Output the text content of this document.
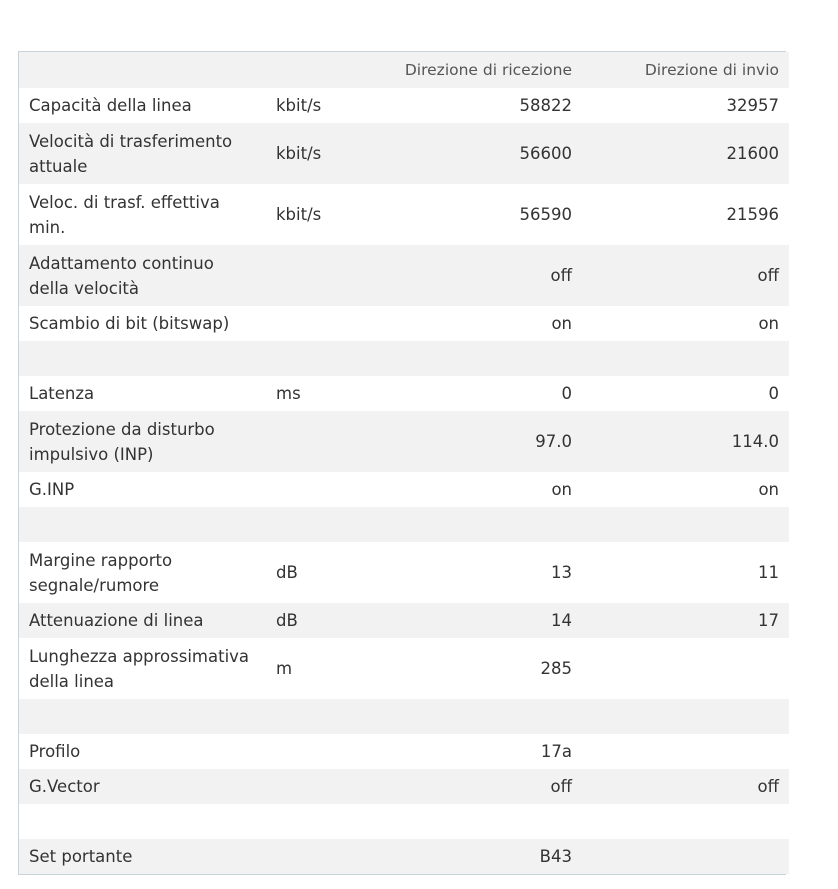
		Direzione di ricezione	Direzione di invio
Capacità della linea	kbit/s	58822	32957
Velocità di trasferimento attuale	kbit/s	56600	21600
Veloc. di trasf. effettiva min.	kbit/s	56590	21596
Adattamento continuo della velocità		off	off
Scambio di bit (bitswap)		on	on

Latenza	ms	0	0
Protezione da disturbo impulsivo (INP)		97.0	114.0
G.INP		on	on

Margine rapporto segnale/rumore	dB	13	11
Attenuazione di linea	dB	14	17
Lunghezza approssimativa della linea	m	285	

Profilo		17a	
G.Vector		off	off

Set portante		B43	
